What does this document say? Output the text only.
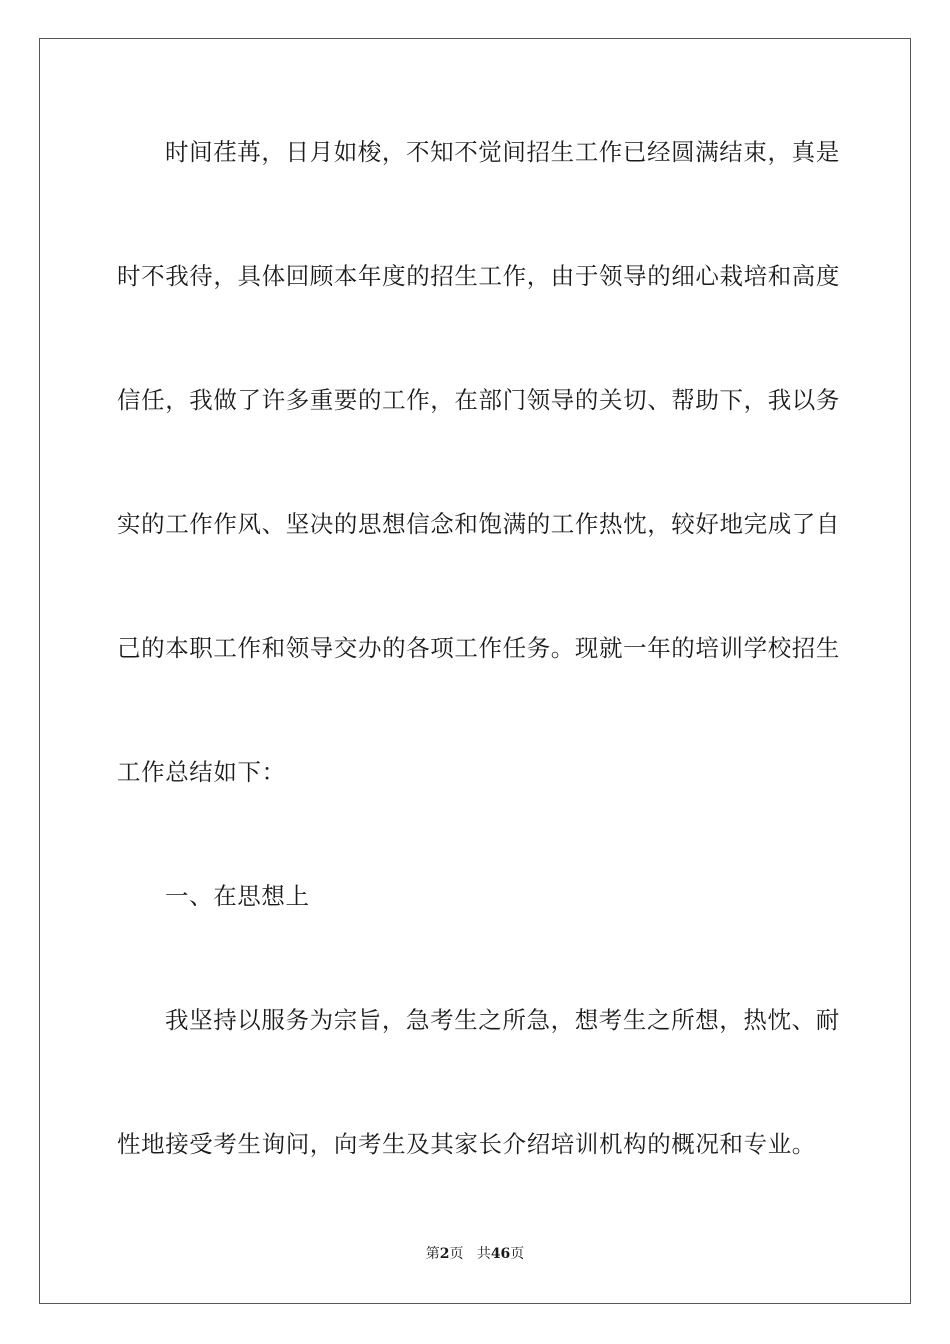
时间荏苒，日月如梭，不知不觉间招生工作已经圆满结束，真是
时不我待，具体回顾本年度的招生工作，由于领导的细心栽培和高度
信任，我做了许多重要的工作，在部门领导的关切、帮助下，我以务
实的工作作风、坚决的思想信念和饱满的工作热忱，较好地完成了自
己的本职工作和领导交办的各项工作任务。现就一年的培训学校招生
工作总结如下：
一、在思想上
我坚持以服务为宗旨，急考生之所急，想考生之所想，热忱、耐
性地接受考生询问，向考生及其家长介绍培训机构的概况和专业。
第2页 共46页
